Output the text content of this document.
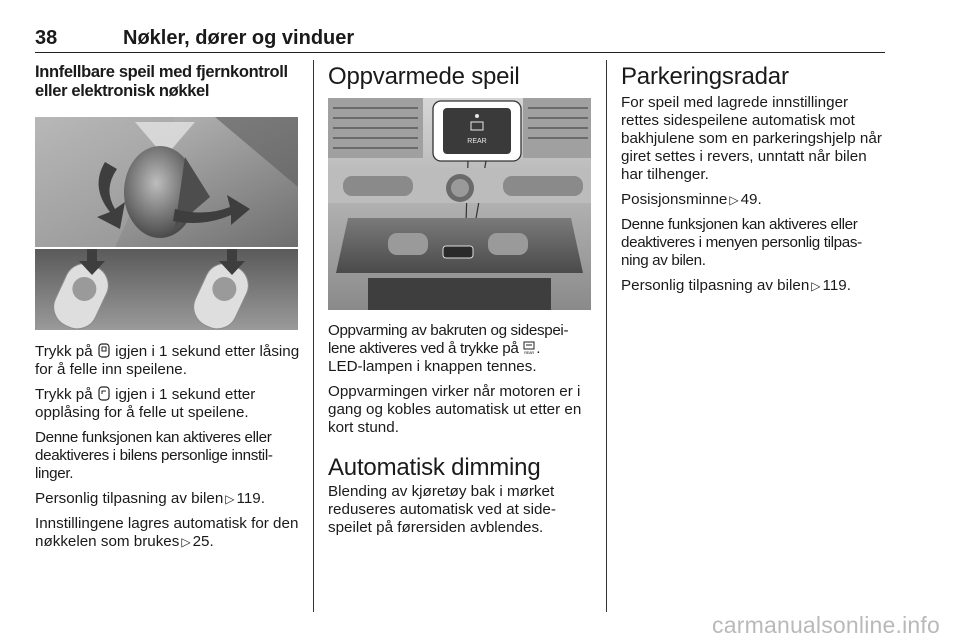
38	Nøkler, dører og vinduer
Innfellbare speil med fjernkontroll eller elektronisk nøkkel
Trykk på igjen i 1 sekund etter låsing for å felle inn speilene.
Trykk på igjen i 1 sekund etter opplåsing for å felle ut speilene.
Denne funksjonen kan aktiveres eller deaktiveres i bilens personlige innstil-linger.
Personlig tilpasning av bilen ▷ 119.
Innstillingene lagres automatisk for den nøkkelen som brukes ▷ 25.
Oppvarmede speil
REAR
Oppvarming av bakruten og sidespei-lene aktiveres ved å trykke på REAR .
LED-lampen i knappen tennes.
Oppvarmingen virker når motoren er i gang og kobles automatisk ut etter en kort stund.
Automatisk dimming
Blending av kjøretøy bak i mørket reduseres automatisk ved at side-speilet på førersiden avblendes.
Parkeringsradar
For speil med lagrede innstillinger rettes sidespeilene automatisk mot bakhjulene som en parkeringshjelp når giret settes i revers, unntatt når bilen har tilhenger.
Posisjonsminne ▷ 49.
Denne funksjonen kan aktiveres eller deaktiveres i menyen personlig tilpas-ning av bilen.
Personlig tilpasning av bilen ▷ 119.
carmanualsonline.info
